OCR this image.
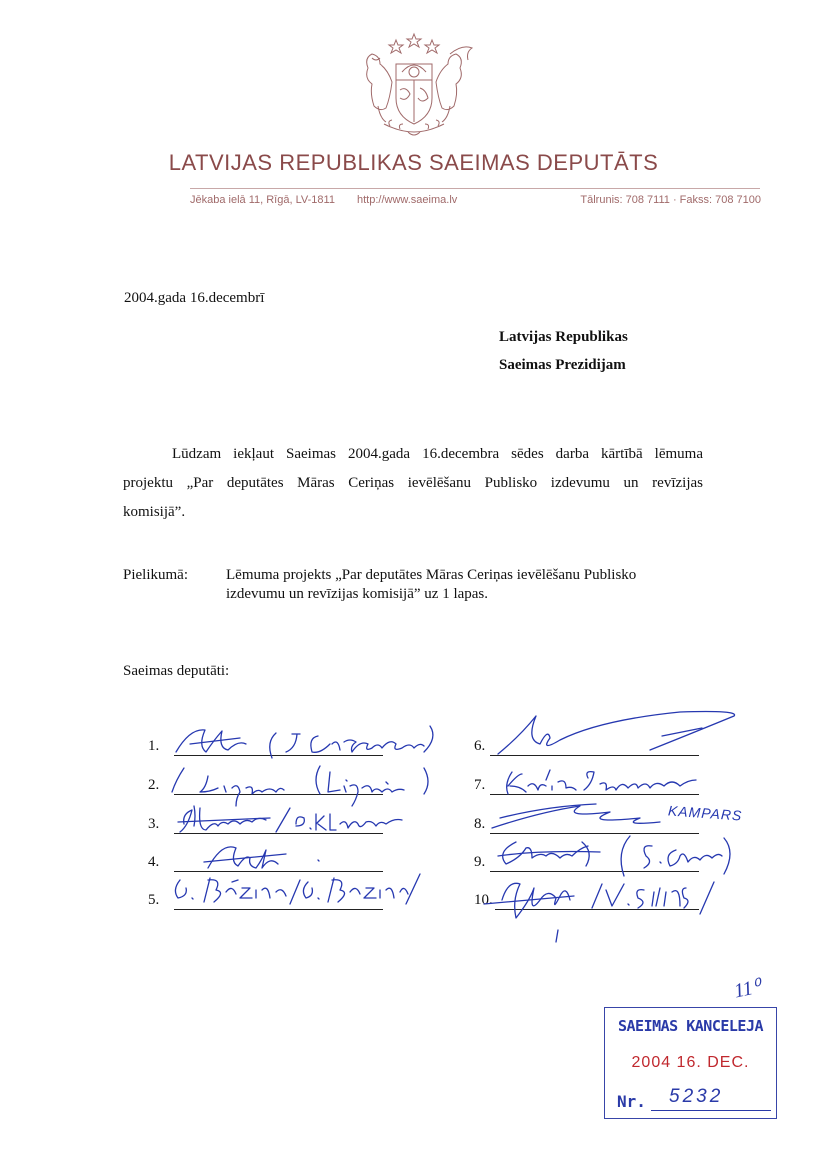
LATVIJAS REPUBLIKAS SAEIMAS DEPUTĀTS
Jēkaba ielā 11, Rīgā, LV-1811 http://www.saeima.lv	Tālrunis: 708 7111 · Fakss: 708 7100
2004.gada 16.decembrī
Latvijas Republikas
Saeimas Prezidijam
Lūdzam iekļaut Saeimas 2004.gada 16.decembra sēdes darba kārtībā lēmuma
projektu „Par deputātes Māras Ceriņas ievēlēšanu Publisko izdevumu un revīzijas
komisijā”.
Pielikumā:	Lēmuma projekts „Par deputātes Māras Ceriņas ievēlēšanu Publisko
izdevumu un revīzijas komisijā” uz 1 lapas.
Saeimas deputāti:
1.
2.
3.
4.
5.
6.
7.
8.
9.
10.
KAMPARS
11⁰
SAEIMAS KANCELEJA
2004 16. DEC.
Nr. 5232
